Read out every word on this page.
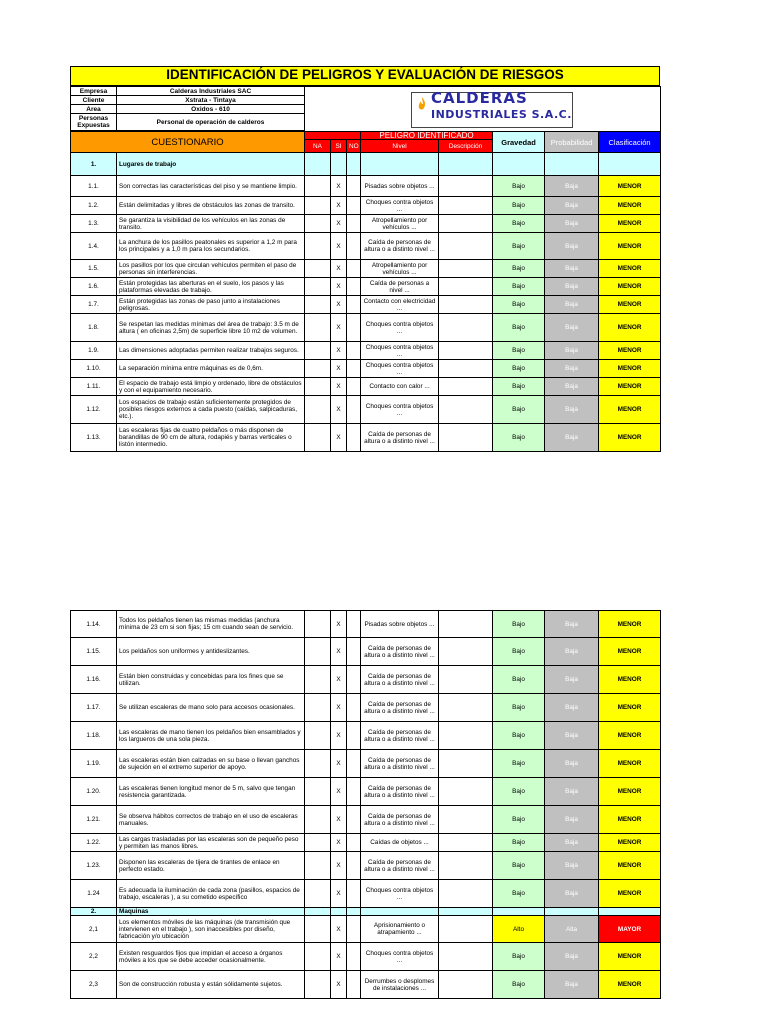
IDENTIFICACIÓN DE PELIGROS Y EVALUACIÓN DE RIESGOS
Empresa	Calderas Industriales SAC	CALDERAS
INDUSTRIALES S.A.C.

Cliente	Xstrata - Tintaya	
Area	Oxidos - 610	
Personas Expuestas	Personal de operación de calderos	
CUESTIONARIO					PELIGRO IDENTIFICADO		Gravedad	Probabilidad	Clasificación
		NA	SI	NO	Nivel	Descripción			
1.	Lugares de trabajo								
1.1.	Son correctas las características del piso y se mantiene limpio.		X		Pisadas sobre objetos ...		Bajo	Baja	MENOR
1.2.	Están delimitadas y libres de obstáculos las zonas de transito.		X		Choques contra objetos ...		Bajo	Baja	MENOR
1.3.	Se garantiza la visibilidad de los vehículos en las zonas de transito.		X		Atropellamiento por vehículos ...		Bajo	Baja	MENOR
1.4.	La anchura de los pasillos peatonales es superior a 1,2 m para los principales y a 1,0 m para los secundarios.		X		Caída de personas de altura o a distinto nivel ...		Bajo	Baja	MENOR
1.5.	Los pasillos por los que circulan vehículos permiten el paso de personas sin interferencias.		X		Atropellamiento por vehículos ...		Bajo	Baja	MENOR
1.6.	Están protegidas las aberturas en el suelo, los pasos y las plataformas elevadas de trabajo.		X		Caída de personas a nivel ...		Bajo	Baja	MENOR
1.7.	Están protegidas las zonas de paso junto a instalaciones peligrosas.		X		Contacto con electricidad ...		Bajo	Baja	MENOR
1.8.	Se respetan las medidas mínimas del área de trabajo: 3.5 m de altura ( en oficinas 2,5m) de superficie libre 10 m2 de volumen.		X		Choques contra objetos ...		Bajo	Baja	MENOR
1.9.	Las dimensiones adoptadas permiten realizar trabajos seguros.		X		Choques contra objetos ...		Bajo	Baja	MENOR
1.10.	La separación mínima entre máquinas es de 0,6m.		X		Choques contra objetos ...		Bajo	Baja	MENOR
1.11.	El espacio de trabajo está limpio y ordenado, libre de obstáculos y con el equipamiento necesario.		X		Contacto con calor ...		Bajo	Baja	MENOR
1.12.	Los espacios de trabajo están suficientemente protegidos de posibles riesgos externos a cada puesto (caídas, salpicaduras, etc.).		X		Choques contra objetos ...		Bajo	Baja	MENOR
1.13.	Las escaleras fijas de cuatro peldaños o más disponen de barandillas de 90 cm de altura, rodapiés y barras verticales o listón intermedio.		X		Caída de personas de altura o a distinto nivel ...		Bajo	Baja	MENOR
1.14.	Todos los peldaños tienen las mismas medidas (anchura mínima de 23 cm si son fijas; 15 cm cuando sean de servicio.		X		Pisadas sobre objetos ...		Bajo	Baja	MENOR
1.15.	Los peldaños son uniformes y antideslizantes.		X		Caída de personas de altura o a distinto nivel ...		Bajo	Baja	MENOR
1.16.	Están bien construidas y concebidas para los fines que se utilizan.		X		Caída de personas de altura o a distinto nivel ...		Bajo	Baja	MENOR
1.17.	Se utilizan escaleras de mano solo para accesos ocasionales.		X		Caída de personas de altura o a distinto nivel ...		Bajo	Baja	MENOR
1.18.	Las escaleras de mano tienen los peldaños bien ensamblados y los largueros de una sola pieza.		X		Caída de personas de altura o a distinto nivel ...		Bajo	Baja	MENOR
1.19.	Las escaleras están bien calzadas en su base o llevan ganchos de sujeción en el extremo superior de apoyo.		X		Caída de personas de altura o a distinto nivel ...		Bajo	Baja	MENOR
1.20.	Las escaleras tienen longitud menor de 5 m, salvo que tengan resistencia garantizada.		X		Caída de personas de altura o a distinto nivel ...		Bajo	Baja	MENOR
1.21.	Se observa hábitos correctos de trabajo en el uso de escaleras manuales.		X		Caída de personas de altura o a distinto nivel ...		Bajo	Baja	MENOR
1.22.	Las cargas trasladadas por las escaleras son de pequeño peso y permiten las manos libres.		X		Caídas de objetos ...		Bajo	Baja	MENOR
1.23.	Disponen las escaleras de tijera de tirantes de enlace en perfecto estado.		X		Caída de personas de altura o a distinto nivel ...		Bajo	Baja	MENOR
1.24	Es adecuada la iluminación de cada zona (pasillos, espacios de trabajo, escaleras ), a su cometido específico		X		Choques contra objetos ...		Bajo	Baja	MENOR
2.	Maquinas								
2,1	Los elementos móviles de las máquinas (de transmisión que intervienen en el trabajo ), son inaccesibles por diseño, fabricación y/o ubicación		X		Aprisionamiento o atrapamiento ...		Alto	Alta	MAYOR
2,2	Existen resguardos fijos que impidan el acceso a órganos móviles a los que se debe acceder ocasionalmente.		X		Choques contra objetos ...		Bajo	Baja	MENOR
2,3	Son de construcción robusta y están sólidamente sujetos.		X		Derrumbes o desplomes de instalaciones ...		Bajo	Baja	MENOR
